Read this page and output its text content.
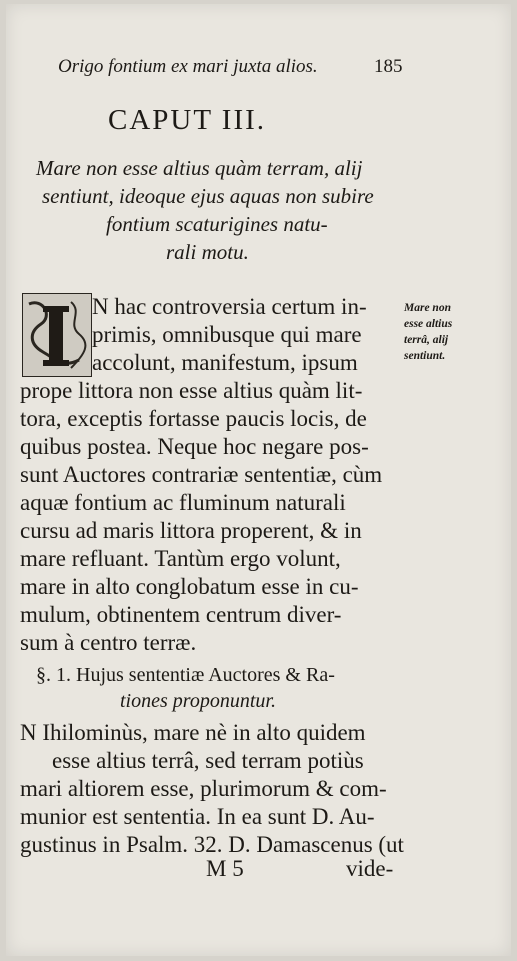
Origo fontium ex mari juxta alios.	185
CAPUT III.
Mare non esse altius quàm terram, alij
sentiunt, ideoque ejus aquas non subire
fontium scaturigines natu-
rali motu.
N hac controversia certum in-
primis, omnibusque qui mare
accolunt, manifestum, ipsum
prope littora non esse altius quàm lit-
tora, exceptis fortasse paucis locis, de
quibus postea. Neque hoc negare pos-
sunt Auctores contrariæ sententiæ, cùm
aquæ fontium ac fluminum naturali
cursu ad maris littora properent, & in
mare refluant. Tantùm ergo volunt,
mare in alto conglobatum esse in cu-
mulum, obtinentem centrum diver-
sum à centro terræ.
Mare non
esse altius
terrâ, alij
sentiunt.
§. 1. Hujus sententiæ Auctores & Ra-
tiones proponuntur.
N Ihilominùs, mare nè in alto quidem
esse altius terrâ, sed terram potiùs
mari altiorem esse, plurimorum & com-
munior est sententia. In ea sunt D. Au-
gustinus in Psalm. 32. D. Damascenus (ut
M 5	vide-
